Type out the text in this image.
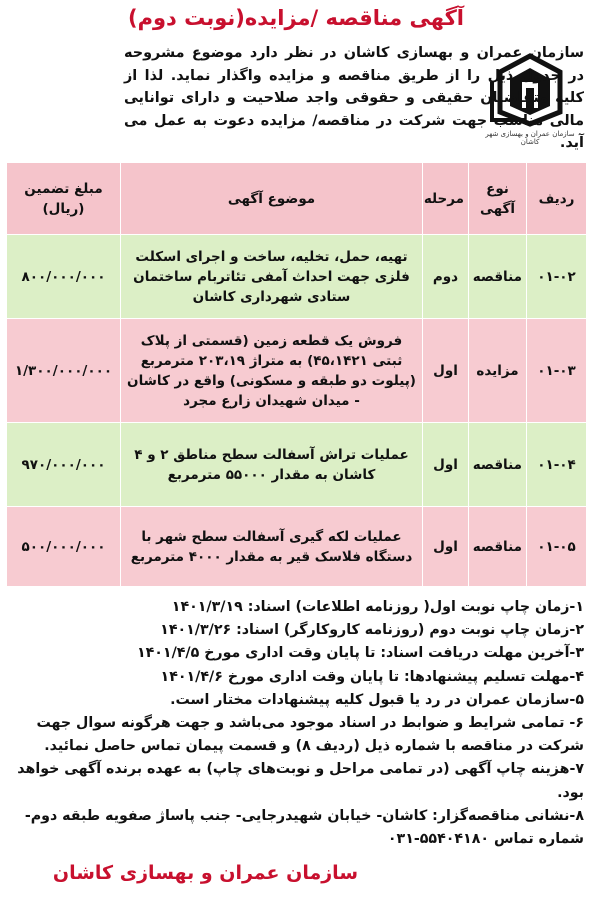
آگهی مناقصه /مزایده(نوبت دوم)
سازمان عمران و بهسازی شهر کاشان
سازمان عمران و بهسازی کاشان در نظر دارد موضوع مشروحه در جدول ذیل را از طریق مناقصه و مزایده واگذار نماید. لذا از کلیه متقاضیان حقیقی و حقوقی واجد صلاحیت و دارای توانایی مالی مناسب جهت شرکت در مناقصه/ مزایده دعوت به عمل می آید.
ردیف	نوع آگهی	مرحله	موضوع آگهی	مبلغ تضمین (ریال)
۰۱-۰۲	مناقصه	دوم	تهیه، حمل، تخلیه، ساخت و اجرای اسکلت فلزی جهت احداث آمفی تئاتربام ساختمان ستادی شهرداری کاشان	۸۰۰/۰۰۰/۰۰۰
۰۱-۰۳	مزایده	اول	فروش یک قطعه زمین (قسمتی از پلاک ثبتی ۴۵،۱۴۲۱) به متراژ ۲۰۳،۱۹ مترمربع (پیلوت دو طبقه و مسکونی) واقع در کاشان - میدان شهیدان زارع مجرد	۱/۳۰۰/۰۰۰/۰۰۰
۰۱-۰۴	مناقصه	اول	عملیات تراش آسفالت سطح مناطق ۲ و ۴ کاشان به مقدار ۵۵۰۰۰ مترمربع	۹۷۰/۰۰۰/۰۰۰
۰۱-۰۵	مناقصه	اول	عملیات لکه گیری آسفالت سطح شهر با دستگاه فلاسک قیر به مقدار ۴۰۰۰ مترمربع	۵۰۰/۰۰۰/۰۰۰

۱-زمان چاپ نوبت اول( روزنامه اطلاعات) اسناد: ۱۴۰۱/۳/۱۹

۲-زمان چاپ نوبت دوم (روزنامه کاروکارگر) اسناد: ۱۴۰۱/۳/۲۶

۳-آخرین مهلت دریافت اسناد: تا پایان وقت اداری مورخ ۱۴۰۱/۴/۵

۴-مهلت تسلیم پیشنهادها: تا پایان وقت اداری مورخ ۱۴۰۱/۴/۶

۵-سازمان عمران در رد یا قبول کلیه پیشنهادات مختار است.

۶- تمامی شرایط و ضوابط در اسناد موجود می‌باشد و جهت هرگونه سوال جهت شرکت در مناقصه با شماره ذیل (ردیف ۸) و قسمت پیمان تماس حاصل نمائید.

۷-هزینه چاپ آگهی (در تمامی مراحل و نوبت‌های چاپ) به عهده برنده آگهی خواهد بود.

۸-نشانی مناقصه‌گزار: کاشان- خیابان شهیدرجایی- جنب پاساژ صفویه طبقه دوم- شماره تماس ۵۵۴۰۴۱۸۰-۰۳۱

سازمان عمران و بهسازی کاشان
